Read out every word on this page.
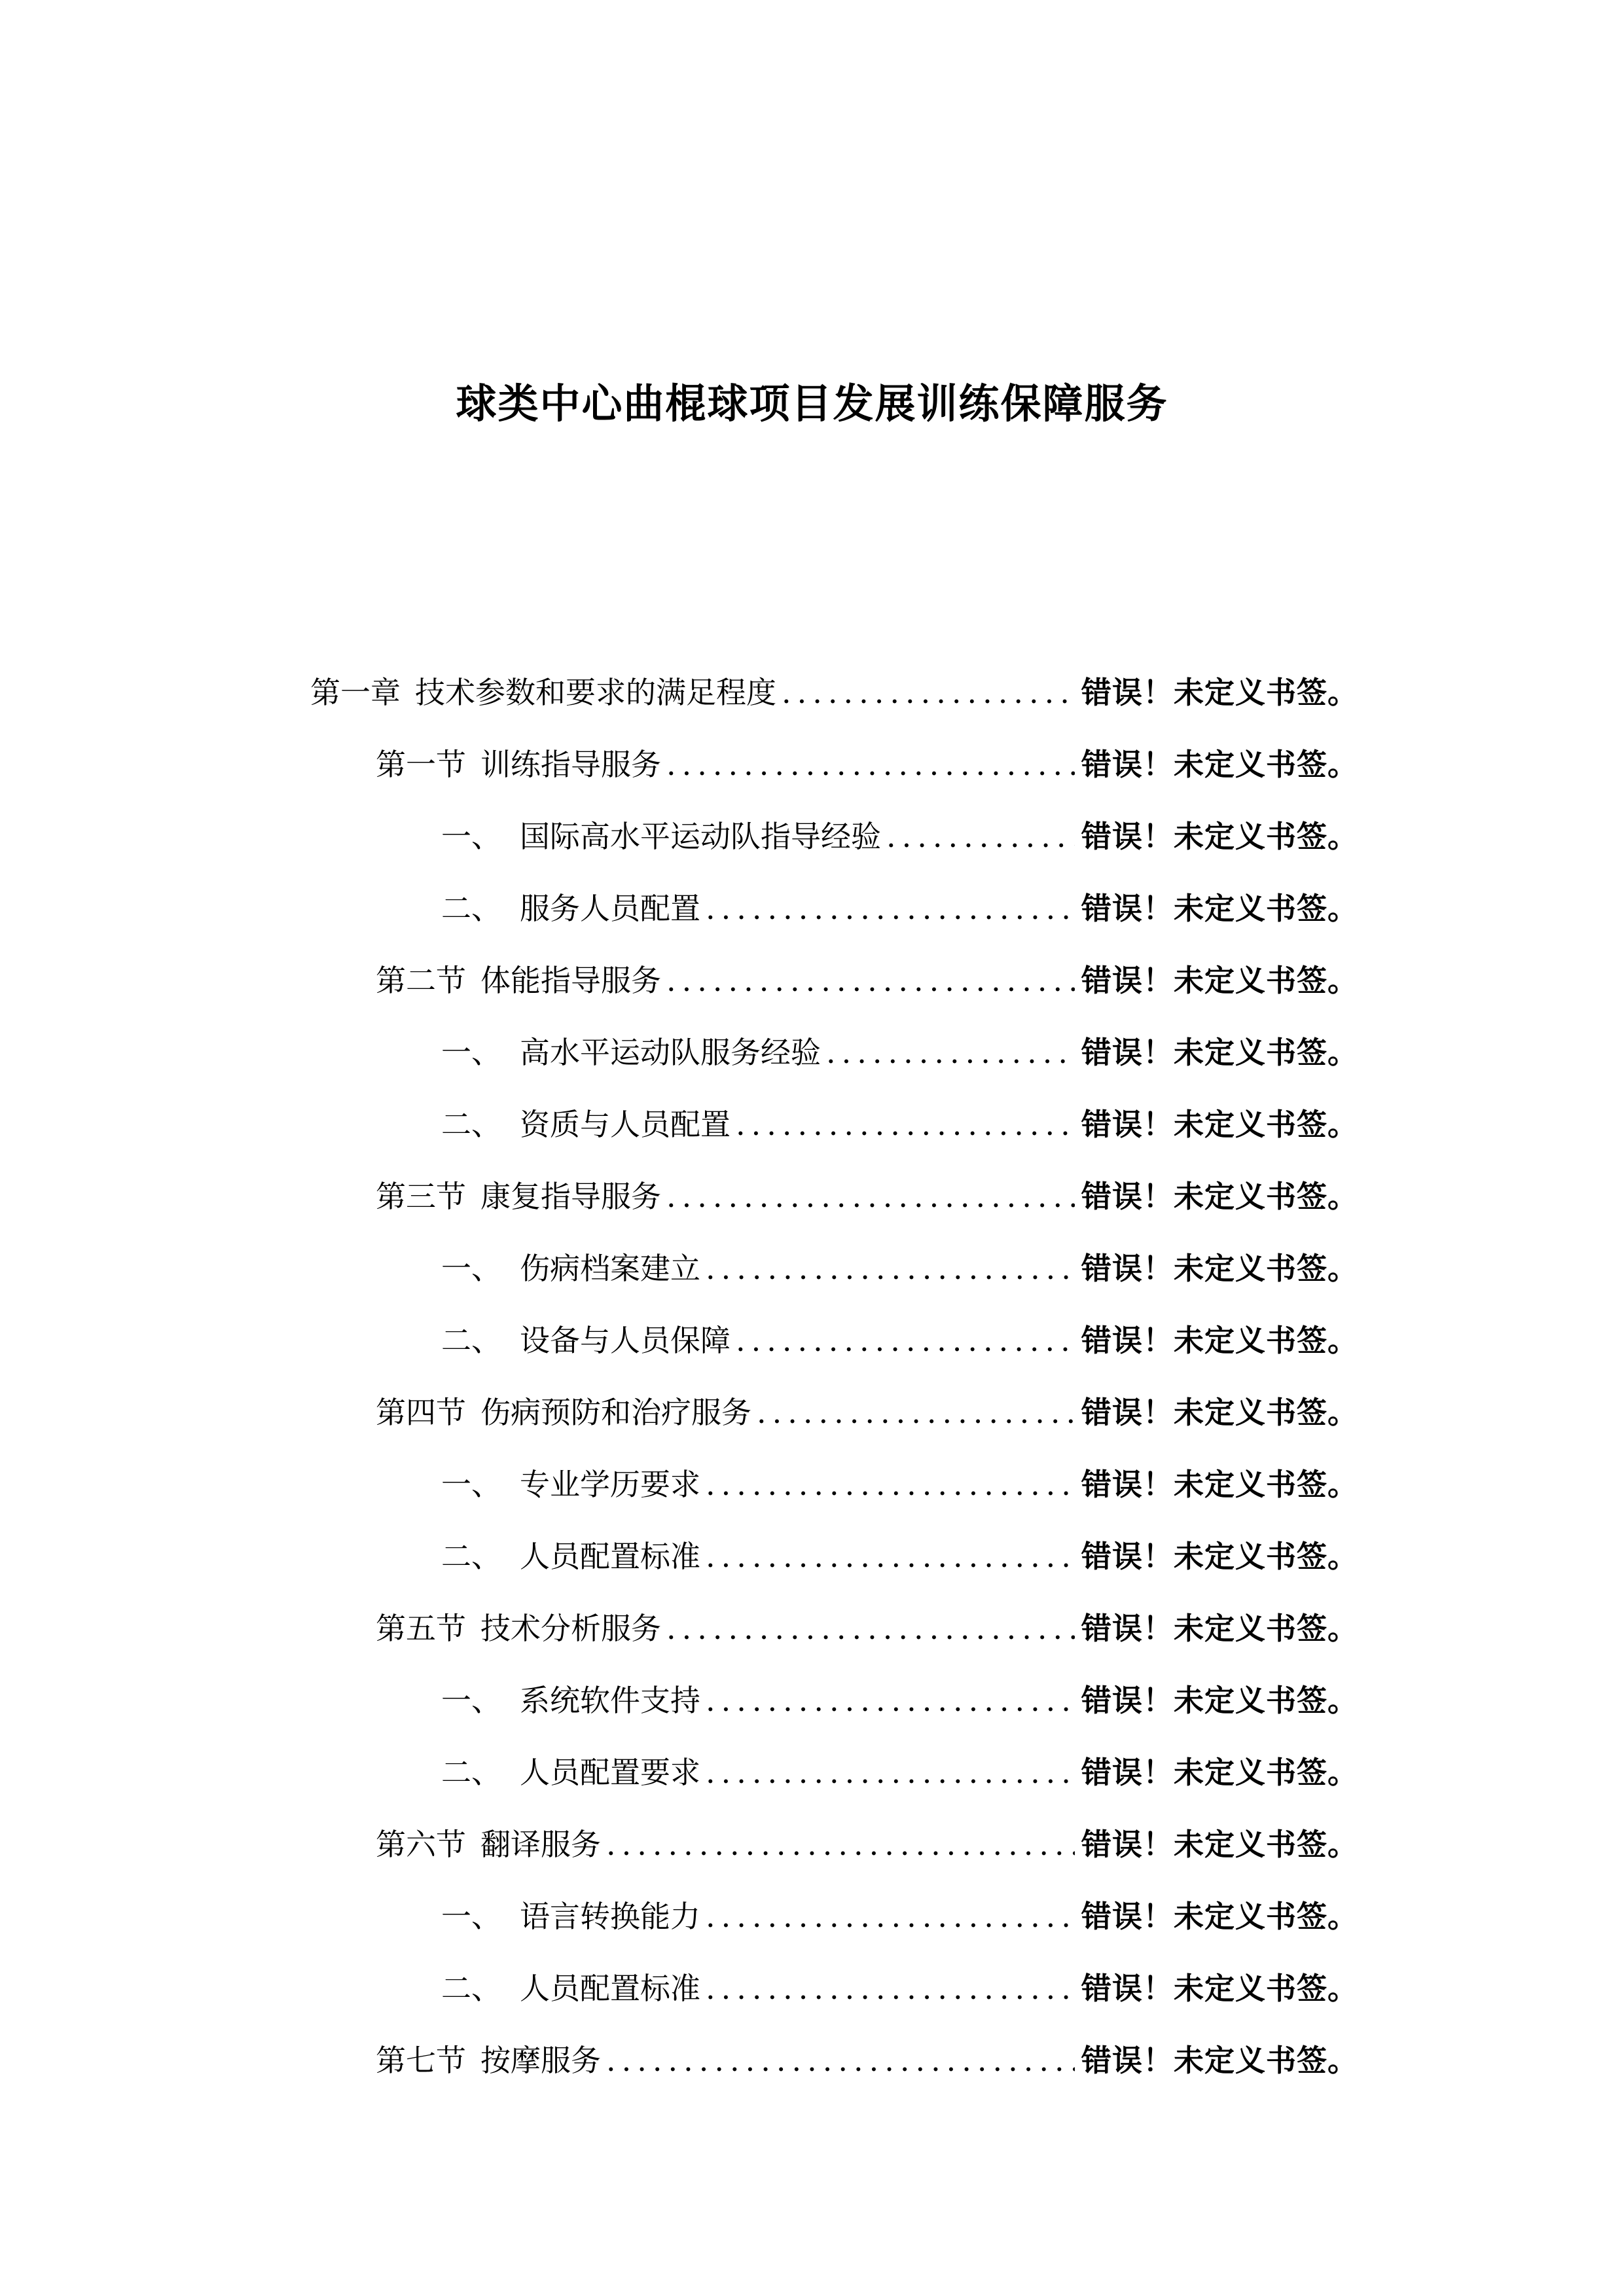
球类中心曲棍球项目发展训练保障服务
第一章 技术参数和要求的满足程度 .....	错误！未定义书签。
第一节 训练指导服务 .....	错误！未定义书签。
一、 国际高水平运动队指导经验 .....	错误！未定义书签。
二、 服务人员配置 .....	错误！未定义书签。
第二节 体能指导服务 .....	错误！未定义书签。
一、 高水平运动队服务经验 .....	错误！未定义书签。
二、 资质与人员配置 .....	错误！未定义书签。
第三节 康复指导服务 .....	错误！未定义书签。
一、 伤病档案建立 .....	错误！未定义书签。
二、 设备与人员保障 .....	错误！未定义书签。
第四节 伤病预防和治疗服务 .....	错误！未定义书签。
一、 专业学历要求 .....	错误！未定义书签。
二、 人员配置标准 .....	错误！未定义书签。
第五节 技术分析服务 .....	错误！未定义书签。
一、 系统软件支持 .....	错误！未定义书签。
二、 人员配置要求 .....	错误！未定义书签。
第六节 翻译服务 .....	错误！未定义书签。
一、 语言转换能力 .....	错误！未定义书签。
二、 人员配置标准 .....	错误！未定义书签。
第七节 按摩服务 .....	错误！未定义书签。
